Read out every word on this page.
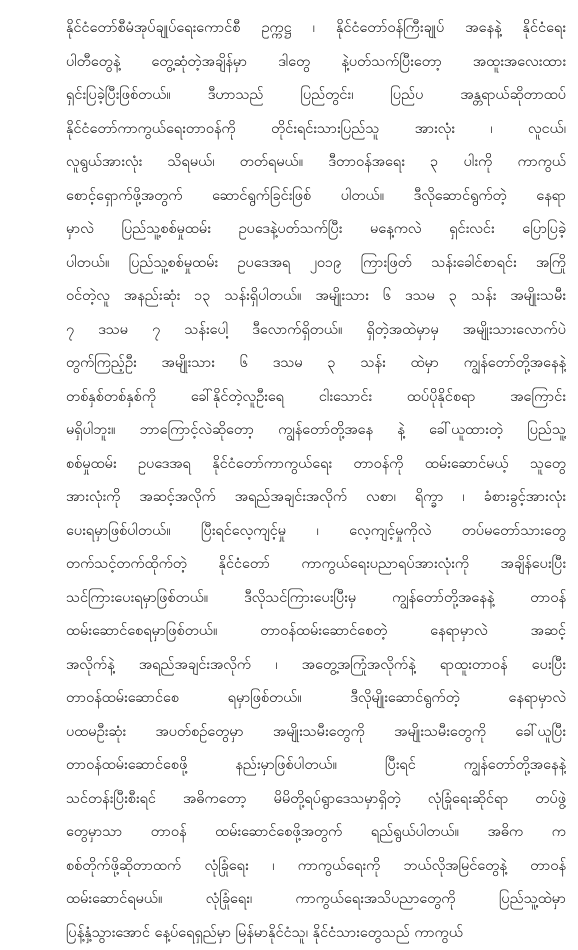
နိုင်ငံတော်စီမံအုပ်ချုပ်ရေးကောင်စီ ဥက္ကဋ္ဌ ၊ နိုင်ငံတော်ဝန်ကြီးချုပ် အနေနဲ့ နိုင်ငံရေး
ပါတီတွေနဲ့ တွေ့ဆုံတဲ့အချိန်မှာ ဒါတွေ နဲ့ပတ်သက်ပြီးတော့ အထူးအလေးထား
ရှင်းပြခဲ့ပြီးဖြစ်တယ်။ ဒီဟာသည် ပြည်တွင်း၊ ပြည်ပ အန္တရာယ်ဆိုတာထပ်
နိုင်ငံတော်ကာကွယ်ရေးတာဝန်ကို တိုင်းရင်းသားပြည်သူ အားလုံး ၊ လူငယ်၊
လူရွယ်အားလုံး သိရမယ်၊ တတ်ရမယ်။ ဒီတာဝန်အရေး ၃ ပါးကို ကာကွယ်
စောင့်ရှောက်ဖို့အတွက် ဆောင်ရွက်ခြင်းဖြစ် ပါတယ်။ ဒီလိုဆောင်ရွက်တဲ့ နေရာ
မှာလဲ ပြည်သူ့စစ်မှုထမ်း ဥပဒေနဲ့ပတ်သက်ပြီး မနေ့ကလဲ ရှင်းလင်း ပြောပြခဲ့
ပါတယ်။ ပြည်သူ့စစ်မှုထမ်း ဥပဒေအရ ၂၀၁၉ ကြားဖြတ် သန်းခေါင်စာရင်း အကြို
ဝင်တဲ့လူ အနည်းဆုံး ၁၃ သန်းရှိပါတယ်။ အမျိုးသား ၆ ဒသမ ၃ သန်း အမျိုးသမီး
၇ ဒသမ ၇ သန်းပေါ့ ဒီလောက်ရှိတယ်။ ရှိတဲ့အထဲမှာမှ အမျိုးသားလောက်ပဲ
တွက်ကြည့်ဦး အမျိုးသား ၆ ဒသမ ၃ သန်း ထဲမှာ ကျွန်တော်တို့အနေနဲ့
တစ်နှစ်တစ်နှစ်ကို ခေါ်နိုင်တဲ့လူဦးရေ ငါးသောင်း ထပ်ပိုနိုင်စရာ အကြောင်း
မရှိပါဘူး။ ဘာကြောင့်လဲဆိုတော့ ကျွန်တော်တို့အနေ နဲ့ ခေါ်ယူထားတဲ့ ပြည်သူ့
စစ်မှုထမ်း ဥပဒေအရ နိုင်ငံတော်ကာကွယ်ရေး တာဝန်ကို ထမ်းဆောင်မယ့် သူတွေ
အားလုံးကို အဆင့်အလိုက် အရည်အချင်းအလိုက် လစာ၊ ရိက္ခာ ၊ ခံစားခွင့်အားလုံး
ပေးရမှာဖြစ်ပါတယ်။ ပြီးရင်လေ့ကျင့်မှု ၊ လေ့ကျင့်မှုကိုလဲ တပ်မတော်သားတွေ
တက်သင့်တက်ထိုက်တဲ့ နိုင်ငံတော် ကာကွယ်ရေးပညာရပ်အားလုံးကို အချိန်ပေးပြီး
သင်ကြားပေးရမှာဖြစ်တယ်။ ဒီလိုသင်ကြားပေးပြီးမှ ကျွန်တော်တို့အနေနဲ့ တာဝန်
ထမ်းဆောင်စေရမှာဖြစ်တယ်။ တာဝန်ထမ်းဆောင်စေတဲ့ နေရာမှာလဲ အဆင့်
အလိုက်နဲ့ အရည်အချင်းအလိုက် ၊ အတွေ့အကြုံအလိုက်နဲ့ ရာထူးတာဝန် ပေးပြီး
တာဝန်ထမ်းဆောင်စေ ရမှာဖြစ်တယ်။ ဒီလိုမျိုးဆောင်ရွက်တဲ့ နေရာမှာလဲ
ပထမဦးဆုံး အပတ်စဉ်တွေမှာ အမျိုးသမီးတွေကို အမျိုးသမီးတွေကို ခေါ်ယူပြီး
တာဝန်ထမ်းဆောင်စေဖို့ နည်းမှာဖြစ်ပါတယ်။ ပြီးရင် ကျွန်တော်တို့အနေနဲ့
သင်တန်းပြီးစီးရင် အဓိကတော့ မိမိတို့ရပ်ရွာဒေသမှာရှိတဲ့ လုံခြုံရေးဆိုင်ရာ တပ်ဖွဲ့
တွေမှာသာ တာဝန် ထမ်းဆောင်စေဖို့အတွက် ရည်ရွယ်ပါတယ်။ အဓိက က
စစ်တိုက်ဖို့ဆိုတာထက် လုံခြုံရေး ၊ ကာကွယ်ရေးကို ဘယ်လိုအမြင်တွေနဲ့ တာဝန်
ထမ်းဆောင်ရမယ်။ လုံခြုံရေး၊ ကာကွယ်ရေးအသိပညာတွေကို ပြည်သူ့ထဲမှာ
ပြန့်နှံ့သွားအောင် နေ့ပ်ရေရှည်မှာ မြန်မာနိုင်ငံသူ၊ နိုင်ငံသားတွေသည် ကာကွယ်
